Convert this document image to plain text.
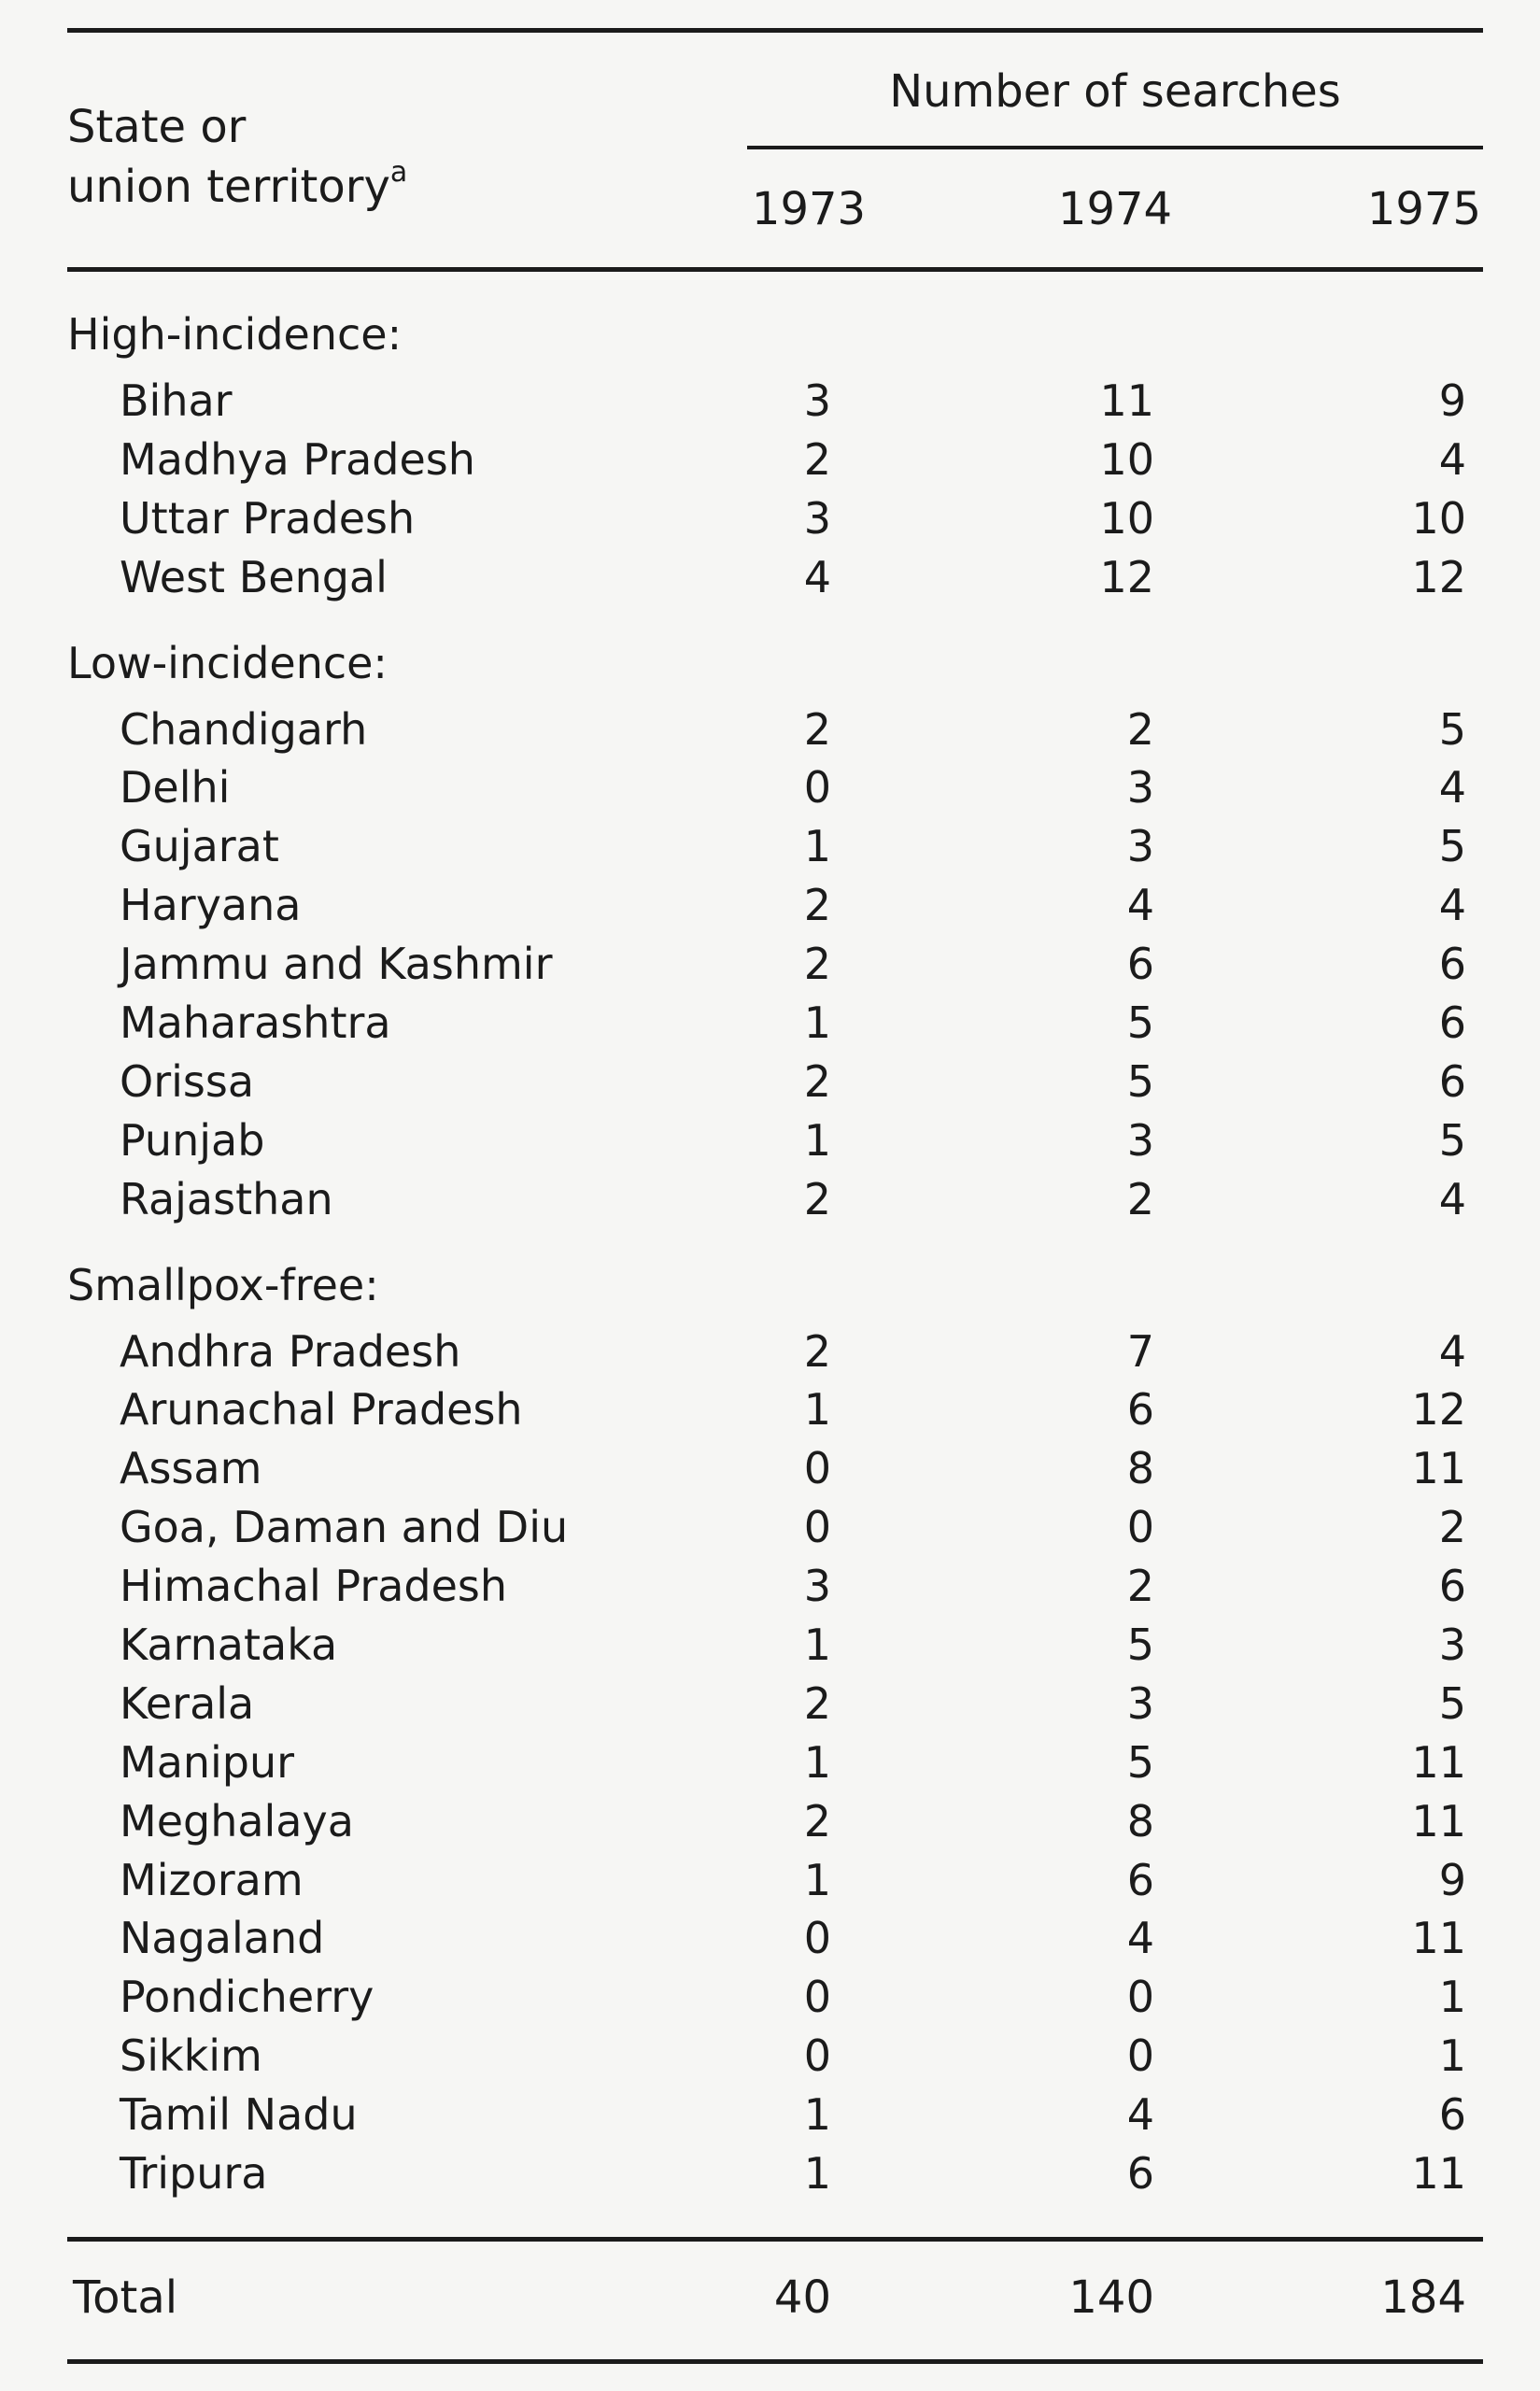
State or
union territory$^a$
Number of searches
1973	1974	1975
High-incidence:
Bihar	3	11	9
Madhya Pradesh	2	10	4
Uttar Pradesh	3	10	10
West Bengal	4	12	12
Low-incidence:
Chandigarh	2	2	5
Delhi	0	3	4
Gujarat	1	3	5
Haryana	2	4	4
Jammu and Kashmir	2	6	6
Maharashtra	1	5	6
Orissa	2	5	6
Punjab	1	3	5
Rajasthan	2	2	4
Smallpox-free:
Andhra Pradesh	2	7	4
Arunachal Pradesh	1	6	12
Assam	0	8	11
Goa, Daman and Diu	0	0	2
Himachal Pradesh	3	2	6
Karnataka	1	5	3
Kerala	2	3	5
Manipur	1	5	11
Meghalaya	2	8	11
Mizoram	1	6	9
Nagaland	0	4	11
Pondicherry	0	0	1
Sikkim	0	0	1
Tamil Nadu	1	4	6
Tripura	1	6	11
Total	40	140	184
